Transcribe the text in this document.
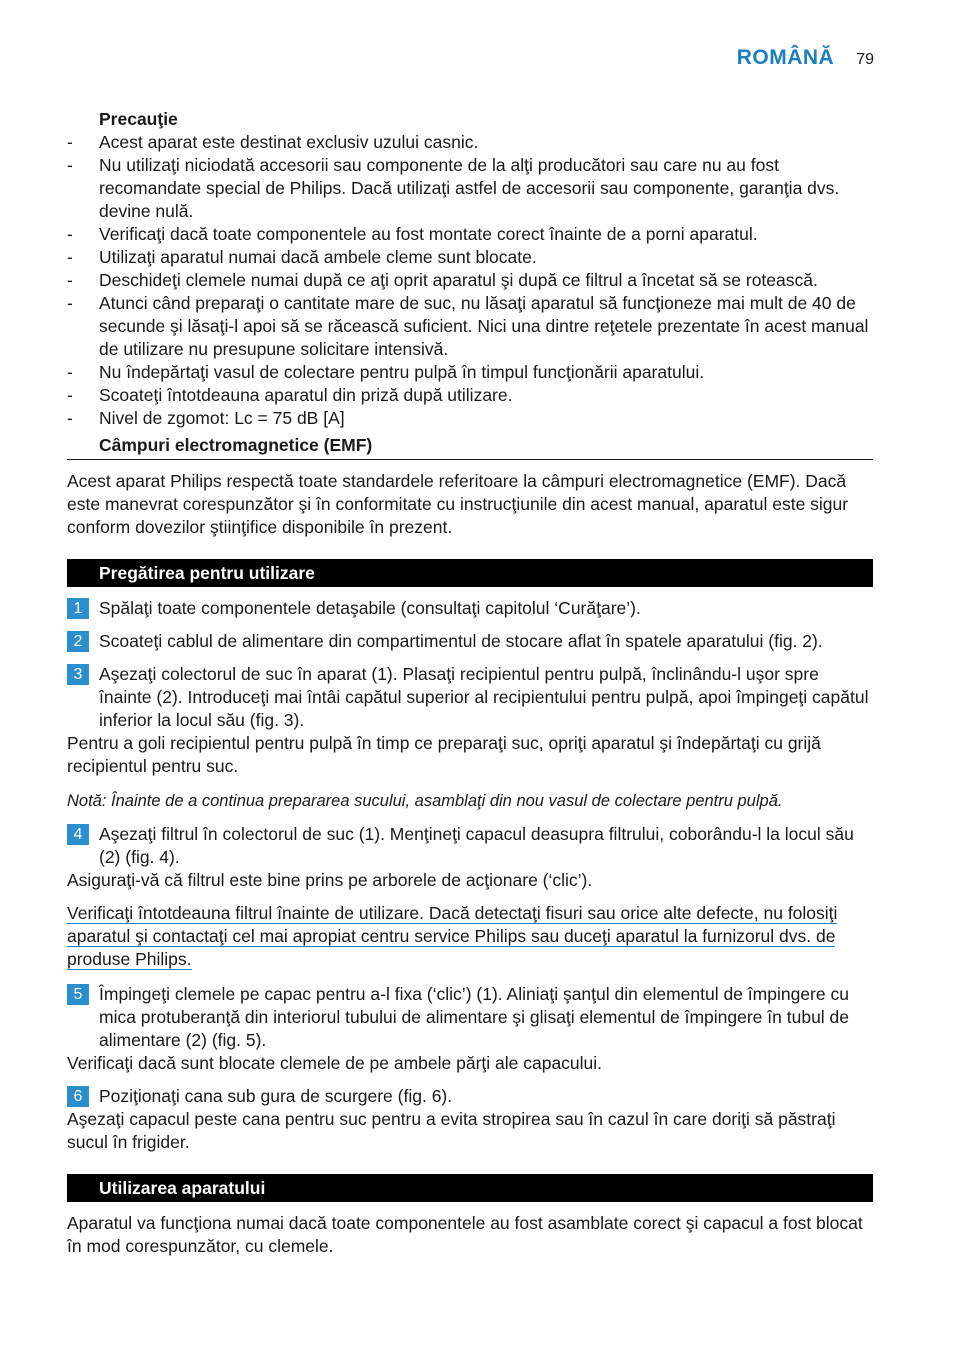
ROMÂNĂ 79
Precauţie
- Acest aparat este destinat exclusiv uzului casnic.
- Nu utilizaţi niciodată accesorii sau componente de la alţi producători sau care nu au fost recomandate special de Philips. Dacă utilizaţi astfel de accesorii sau componente, garanţia dvs. devine nulă.
- Verificaţi dacă toate componentele au fost montate corect înainte de a porni aparatul.
- Utilizaţi aparatul numai dacă ambele cleme sunt blocate.
- Deschideţi clemele numai după ce aţi oprit aparatul şi după ce filtrul a încetat să se rotească.
- Atunci când preparaţi o cantitate mare de suc, nu lăsaţi aparatul să funcţioneze mai mult de 40 de secunde şi lăsaţi-l apoi să se răcească suficient. Nici una dintre reţetele prezentate în acest manual de utilizare nu presupune solicitare intensivă.
- Nu îndepărtaţi vasul de colectare pentru pulpă în timpul funcţionării aparatului.
- Scoateţi întotdeauna aparatul din priză după utilizare.
- Nivel de zgomot: Lc = 75 dB [A]
Câmpuri electromagnetice (EMF)

Acest aparat Philips respectă toate standardele referitoare la câmpuri electromagnetice (EMF). Dacă este manevrat corespunzător şi în conformitate cu instrucţiunile din acest manual, aparatul este sigur conform dovezilor ştiinţifice disponibile în prezent.

Pregătirea pentru utilizare
1 Spălaţi toate componentele detaşabile (consultaţi capitolul ‘Curăţare’).
2 Scoateţi cablul de alimentare din compartimentul de stocare aflat în spatele aparatului (fig. 2).
3 Aşezaţi colectorul de suc în aparat (1). Plasaţi recipientul pentru pulpă, înclinându-l uşor spre înainte (2). Introduceţi mai întâi capătul superior al recipientului pentru pulpă, apoi împingeţi capătul inferior la locul său (fig. 3).

Pentru a goli recipientul pentru pulpă în timp ce preparaţi suc, opriţi aparatul şi îndepărtaţi cu grijă recipientul pentru suc.

Notă: Înainte de a continua prepararea sucului, asamblaţi din nou vasul de colectare pentru pulpă.

4 Aşezaţi filtrul în colectorul de suc (1). Menţineţi capacul deasupra filtrului, coborându-l la locul său (2) (fig. 4).

Asiguraţi-vă că filtrul este bine prins pe arborele de acţionare (‘clic’).

Verificaţi întotdeauna filtrul înainte de utilizare. Dacă detectaţi fisuri sau orice alte defecte, nu folosiţi aparatul şi contactaţi cel mai apropiat centru service Philips sau duceţi aparatul la furnizorul dvs. de produse Philips.

5 Împingeţi clemele pe capac pentru a-l fixa (‘clic’) (1). Aliniaţi şanţul din elementul de împingere cu mica protuberanţă din interiorul tubului de alimentare şi glisaţi elementul de împingere în tubul de alimentare (2) (fig. 5).

Verificaţi dacă sunt blocate clemele de pe ambele părţi ale capacului.

6 Poziţionaţi cana sub gura de scurgere (fig. 6).

Aşezaţi capacul peste cana pentru suc pentru a evita stropirea sau în cazul în care doriţi să păstraţi sucul în frigider.

Utilizarea aparatului

Aparatul va funcţiona numai dacă toate componentele au fost asamblate corect şi capacul a fost blocat în mod corespunzător, cu clemele.
